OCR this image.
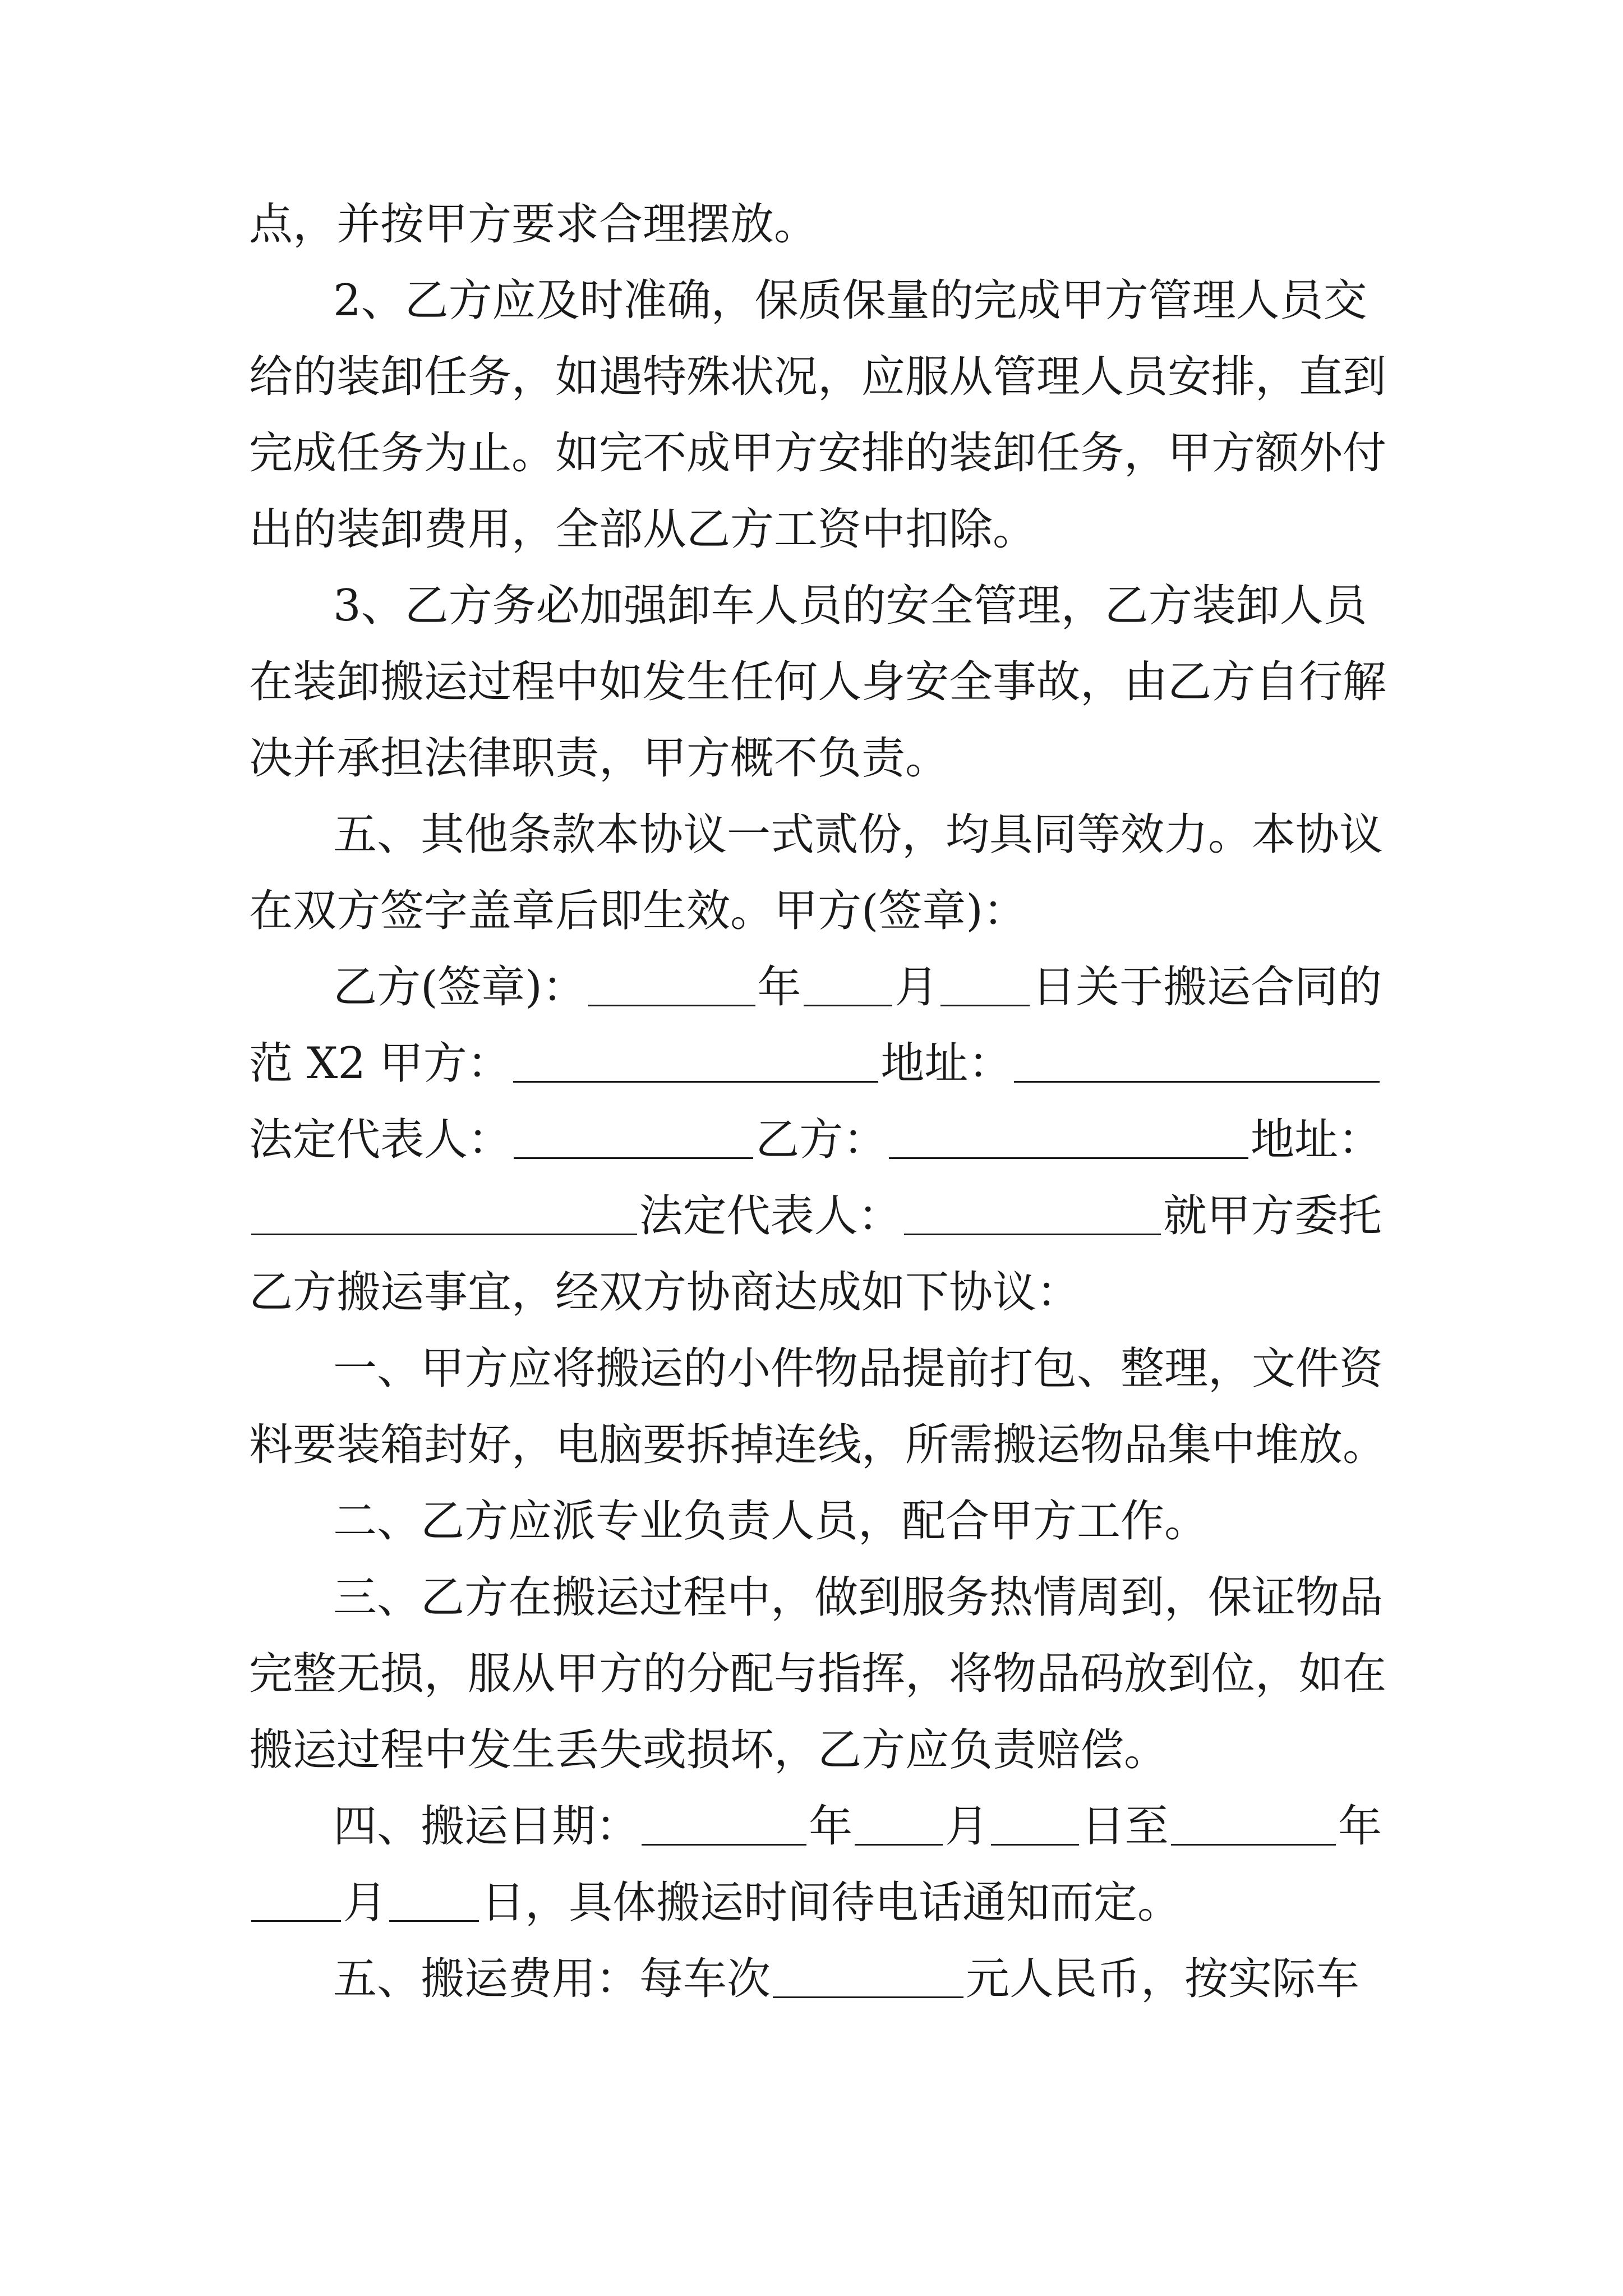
点，并按甲方要求合理摆放。
2、乙方应及时准确，保质保量的完成甲方管理人员交
给的装卸任务，如遇特殊状况，应服从管理人员安排，直到
完成任务为止。如完不成甲方安排的装卸任务，甲方额外付
出的装卸费用，全部从乙方工资中扣除。
3、乙方务必加强卸车人员的安全管理，乙方装卸人员
在装卸搬运过程中如发生任何人身安全事故，由乙方自行解
决并承担法律职责，甲方概不负责。
五、其他条款本协议一式贰份，均具同等效力。本协议
在双方签字盖章后即生效。甲方(签章)：
乙方(签章)：	年 月 日关于搬运合同的
范 X2 甲方：	地址：
法定代表人：	乙方：	地址：
法定代表人：	就甲方委托
乙方搬运事宜，经双方协商达成如下协议：
一、甲方应将搬运的小件物品提前打包、整理，文件资
料要装箱封好，电脑要拆掉连线，所需搬运物品集中堆放。
二、乙方应派专业负责人员，配合甲方工作。
三、乙方在搬运过程中，做到服务热情周到，保证物品
完整无损，服从甲方的分配与指挥，将物品码放到位，如在
搬运过程中发生丢失或损坏，乙方应负责赔偿。
四、搬运日期：	年 月 日至	年
月 日，具体搬运时间待电话通知而定。
五、搬运费用：每车次	元人民币，按实际车
